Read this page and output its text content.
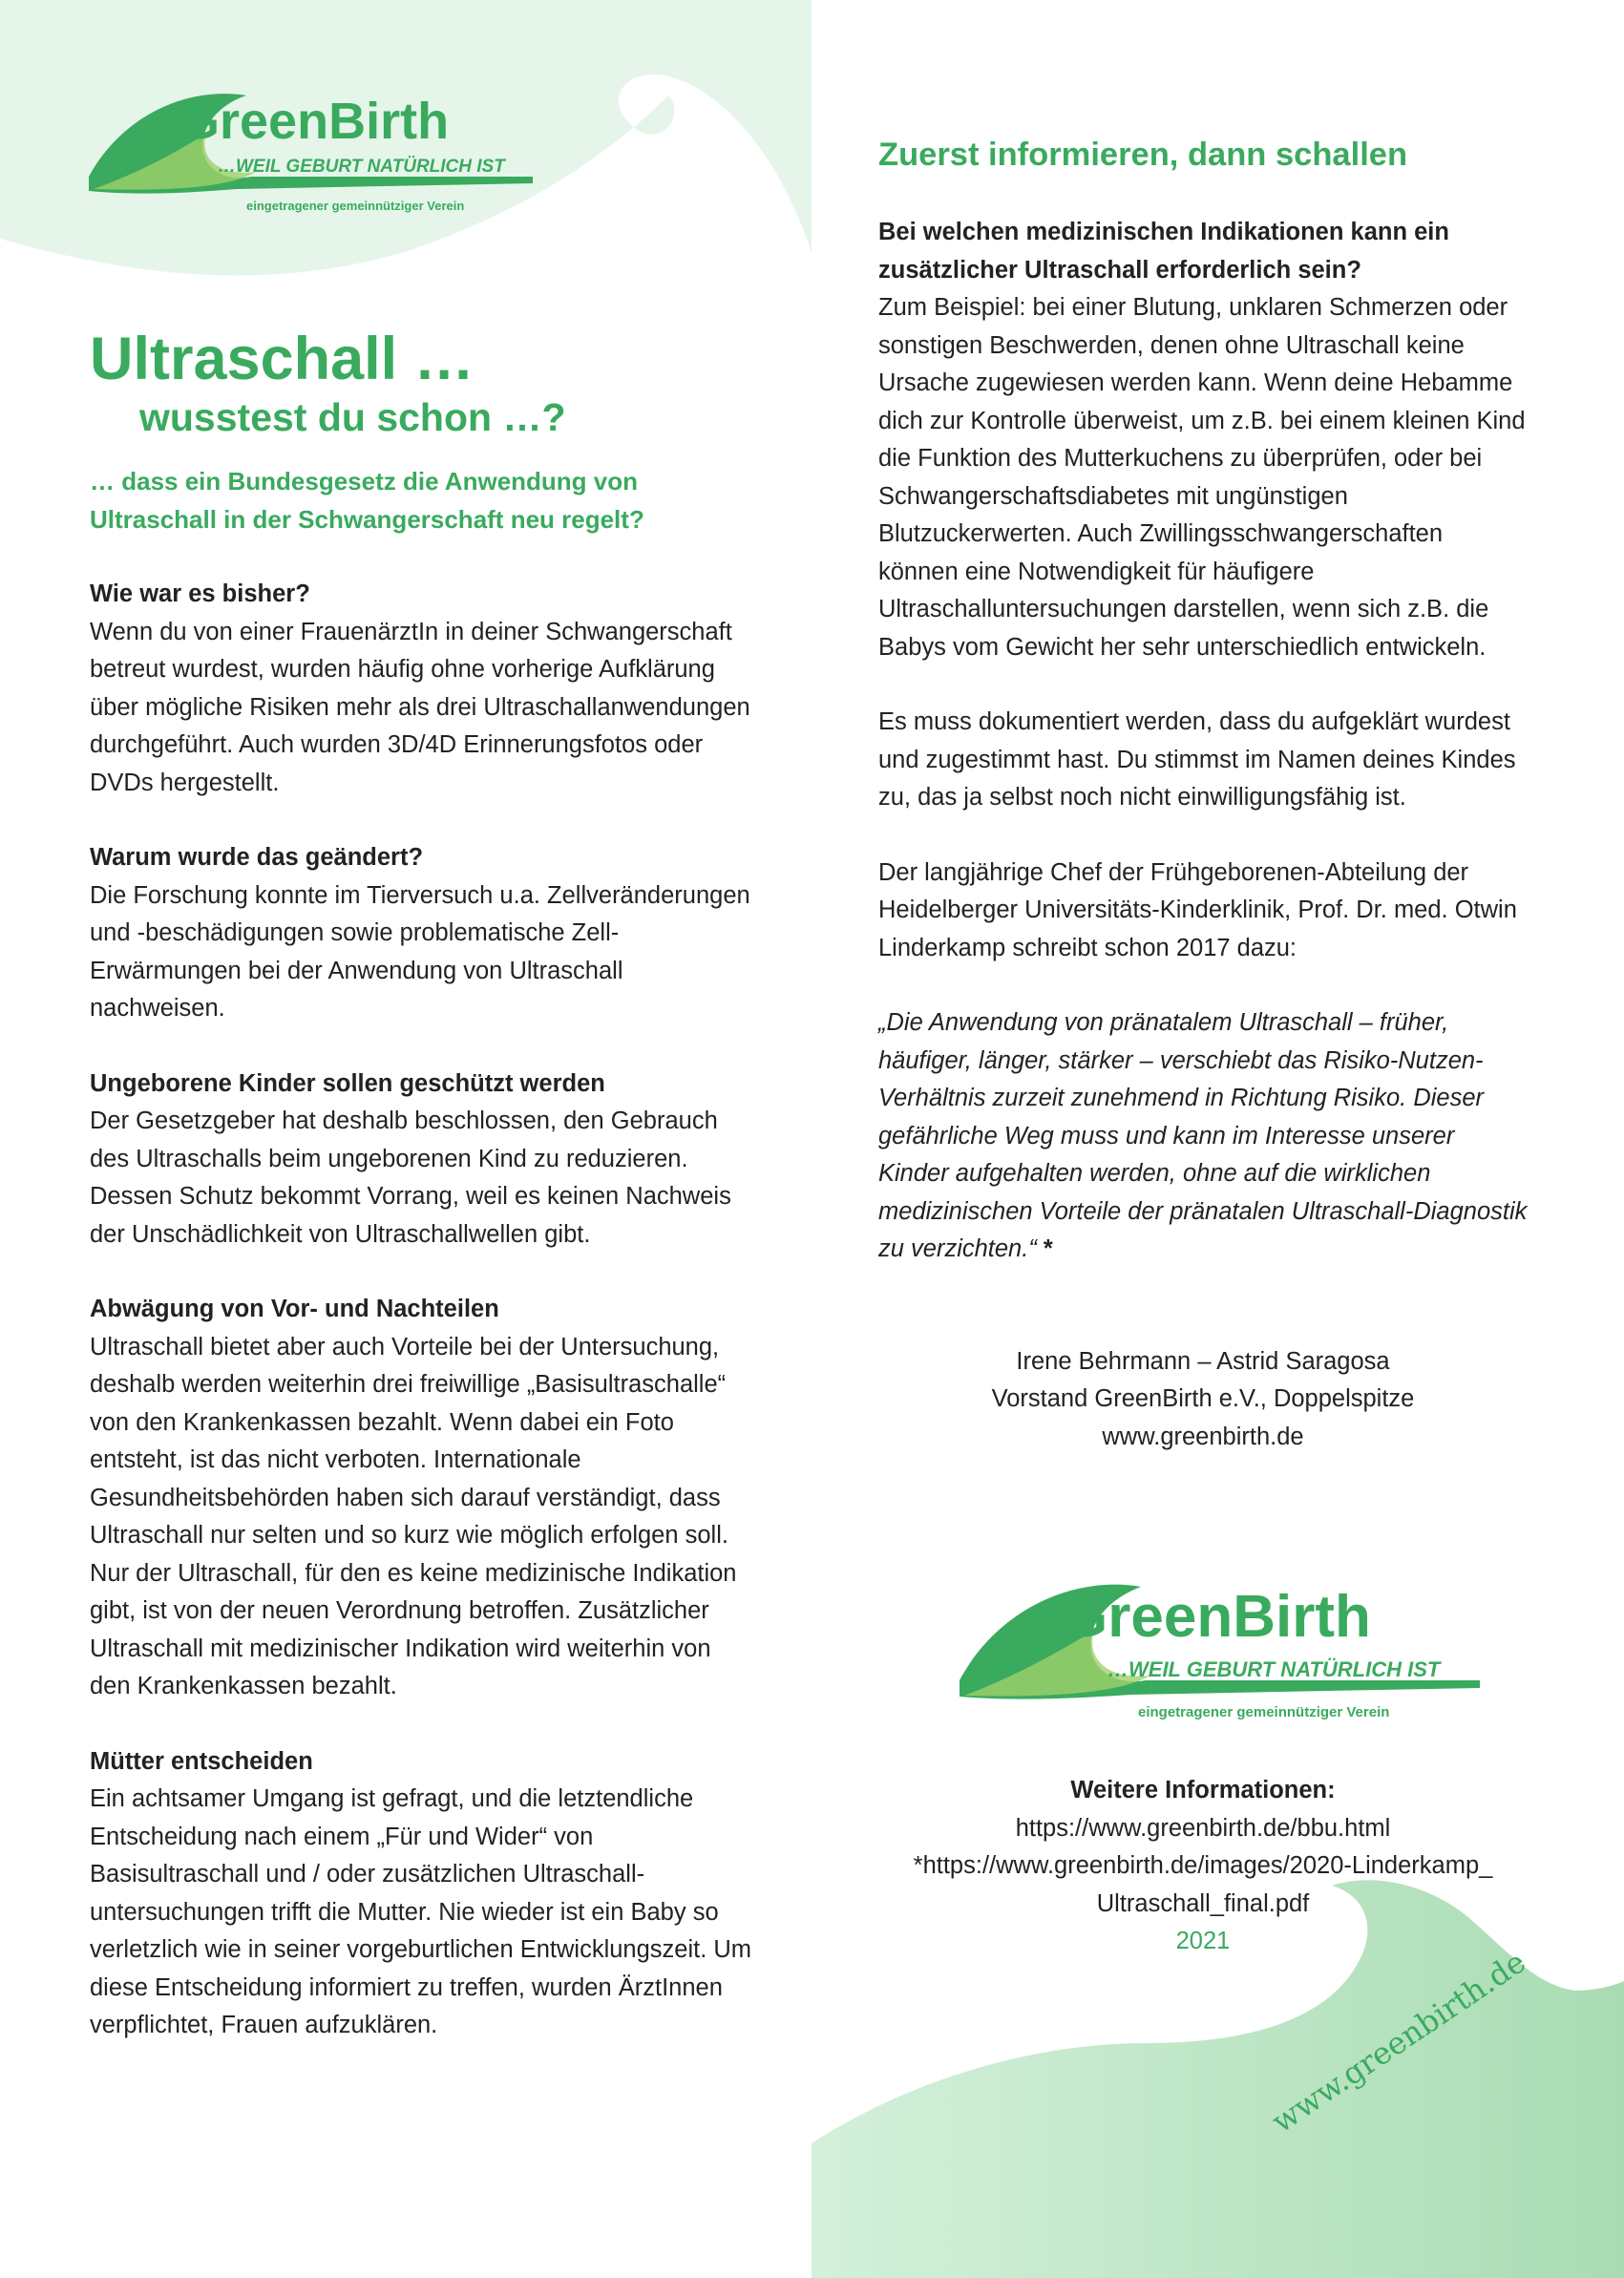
GreenBirth
…WEIL GEBURT NATÜRLICH IST
eingetragener gemeinnütziger Verein
Ultraschall …
wusstest du schon …?

… dass ein Bundesgesetz die Anwendung von Ultraschall in der Schwangerschaft neu regelt?

Wie war es bisher?
Wenn du von einer FrauenärztIn in deiner Schwangerschaft betreut wurdest, wurden häufig ohne vorherige Aufklärung über mögliche Risiken mehr als drei Ultraschallanwendungen durchgeführt. Auch wurden 3D/4D Erinnerungsfotos oder DVDs hergestellt.

Warum wurde das geändert?
Die Forschung konnte im Tierversuch u.a. Zellveränderungen und -beschädigungen sowie problematische Zell-Erwärmungen bei der Anwendung von Ultraschall nachweisen.

Ungeborene Kinder sollen geschützt werden
Der Gesetzgeber hat deshalb beschlossen, den Gebrauch des Ultraschalls beim ungeborenen Kind zu reduzieren. Dessen Schutz bekommt Vorrang, weil es keinen Nachweis der Unschädlichkeit von Ultraschallwellen gibt.

Abwägung von Vor- und Nachteilen
Ultraschall bietet aber auch Vorteile bei der Untersuchung, deshalb werden weiterhin drei freiwillige „Basisultraschalle“ von den Krankenkassen bezahlt. Wenn dabei ein Foto entsteht, ist das nicht verboten. Internationale Gesundheitsbehörden haben sich darauf verständigt, dass Ultraschall nur selten und so kurz wie möglich erfolgen soll. Nur der Ultraschall, für den es keine medizinische Indikation gibt, ist von der neuen Verordnung betroffen. Zusätzlicher Ultraschall mit medizinischer Indikation wird weiterhin von den Krankenkassen bezahlt.

Mütter entscheiden
Ein achtsamer Umgang ist gefragt, und die letztendliche Entscheidung nach einem „Für und Wider“ von Basisultraschall und / oder zusätzlichen Ultraschalluntersuchungen trifft die Mutter. Nie wieder ist ein Baby so verletzlich wie in seiner vorgeburtlichen Entwicklungszeit. Um diese Entscheidung informiert zu treffen, wurden ÄrztInnen verpflichtet, Frauen aufzuklären.

Zuerst informieren, dann schallen

Bei welchen medizinischen Indikationen kann ein zusätzlicher Ultraschall erforderlich sein?
Zum Beispiel: bei einer Blutung, unklaren Schmerzen oder sonstigen Beschwerden, denen ohne Ultraschall keine Ursache zugewiesen werden kann. Wenn deine Hebamme dich zur Kontrolle überweist, um z.B. bei einem kleinen Kind die Funktion des Mutterkuchens zu überprüfen, oder bei Schwangerschaftsdiabetes mit ungünstigen Blutzuckerwerten. Auch Zwillingsschwangerschaften können eine Notwendigkeit für häufigere Ultraschalluntersuchungen darstellen, wenn sich z.B. die Babys vom Gewicht her sehr unterschiedlich entwickeln.

Es muss dokumentiert werden, dass du aufgeklärt wurdest und zugestimmt hast. Du stimmst im Namen deines Kindes zu, das ja selbst noch nicht einwilligungsfähig ist.

Der langjährige Chef der Frühgeborenen-Abteilung der Heidelberger Universitäts-Kinderklinik, Prof. Dr. med. Otwin Linderkamp schreibt schon 2017 dazu:

„Die Anwendung von pränatalem Ultraschall – früher, häufiger, länger, stärker – verschiebt das Risiko-Nutzen-Verhältnis zurzeit zunehmend in Richtung Risiko. Dieser gefährliche Weg muss und kann im Interesse unserer Kinder aufgehalten werden, ohne auf die wirklichen medizinischen Vorteile der pränatalen Ultraschall-Diagnostik zu verzichten.“ *

Irene Behrmann – Astrid Saragosa

Vorstand GreenBirth e.V., Doppelspitze

www.greenbirth.de

GreenBirth
…WEIL GEBURT NATÜRLICH IST
eingetragener gemeinnütziger Verein

Weitere Informationen:

https://www.greenbirth.de/bbu.html

*https://www.greenbirth.de/images/2020-Linderkamp_

Ultraschall_final.pdf

2021

www.greenbirth.de
